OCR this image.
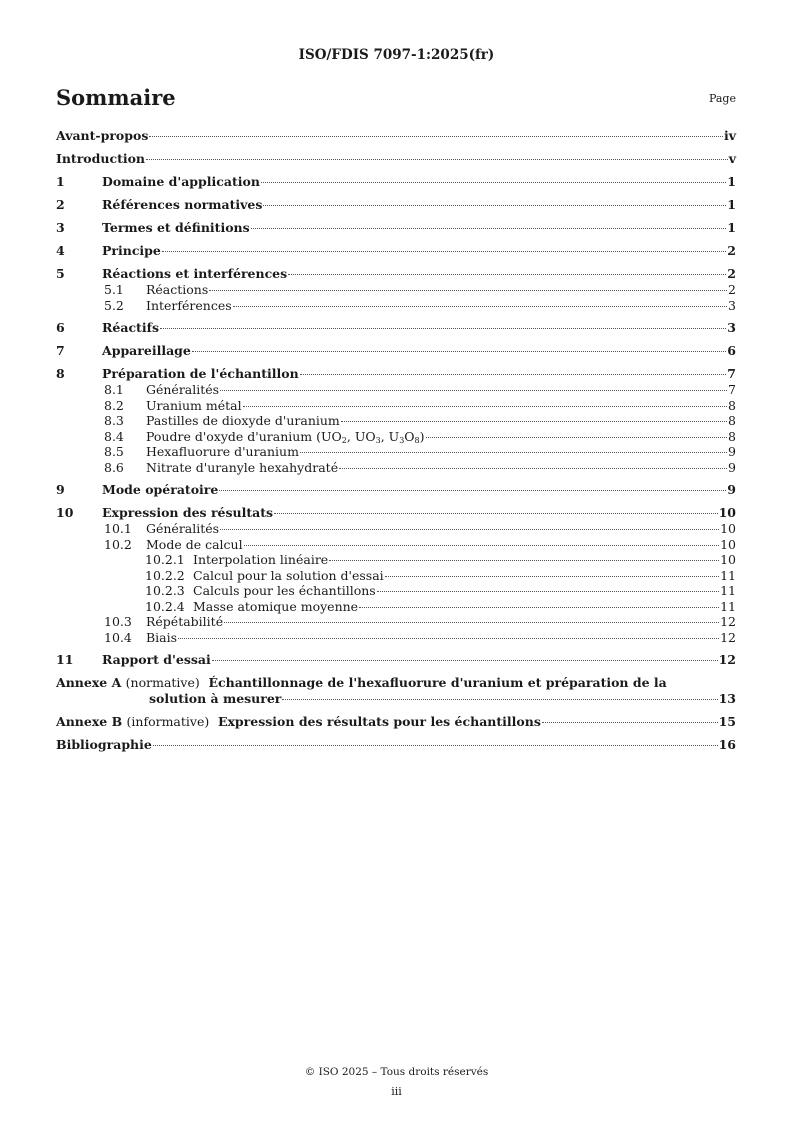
ISO/FDIS 7097-1:2025(fr)
Sommaire	Page
Avant-propos	iv
Introduction	v
1	Domaine d'application	1
2	Références normatives	1
3	Termes et définitions	1
4	Principe	2
5	Réactions et interférences	2
5.1	Réactions	2
5.2	Interférences	3
6	Réactifs	3
7	Appareillage	6
8	Préparation de l'échantillon	7
8.1	Généralités	7
8.2	Uranium métal	8
8.3	Pastilles de dioxyde d'uranium	8
8.4	Poudre d'oxyde d'uranium ($UO_2$, $UO_3$, $U_3O_8$)	8
8.5	Hexafluorure d'uranium	9
8.6	Nitrate d'uranyle hexahydraté	9
9	Mode opératoire	9
10	Expression des résultats	10
10.1	Généralités	10
10.2	Mode de calcul	10
10.2.1 Interpolation linéaire	10
10.2.2 Calcul pour la solution d'essai	11
10.2.3 Calculs pour les échantillons	11
10.2.4 Masse atomique moyenne	11
10.3	Répétabilité	12
10.4	Biais	12
11	Rapport d'essai	12
Annexe A (normative) Échantillonnage de l'hexafluorure d'uranium et préparation de la
solution à mesurer	13
Annexe B (informative) Expression des résultats pour les échantillons	15
Bibliographie	16
© ISO 2025 – Tous droits réservés
iii
